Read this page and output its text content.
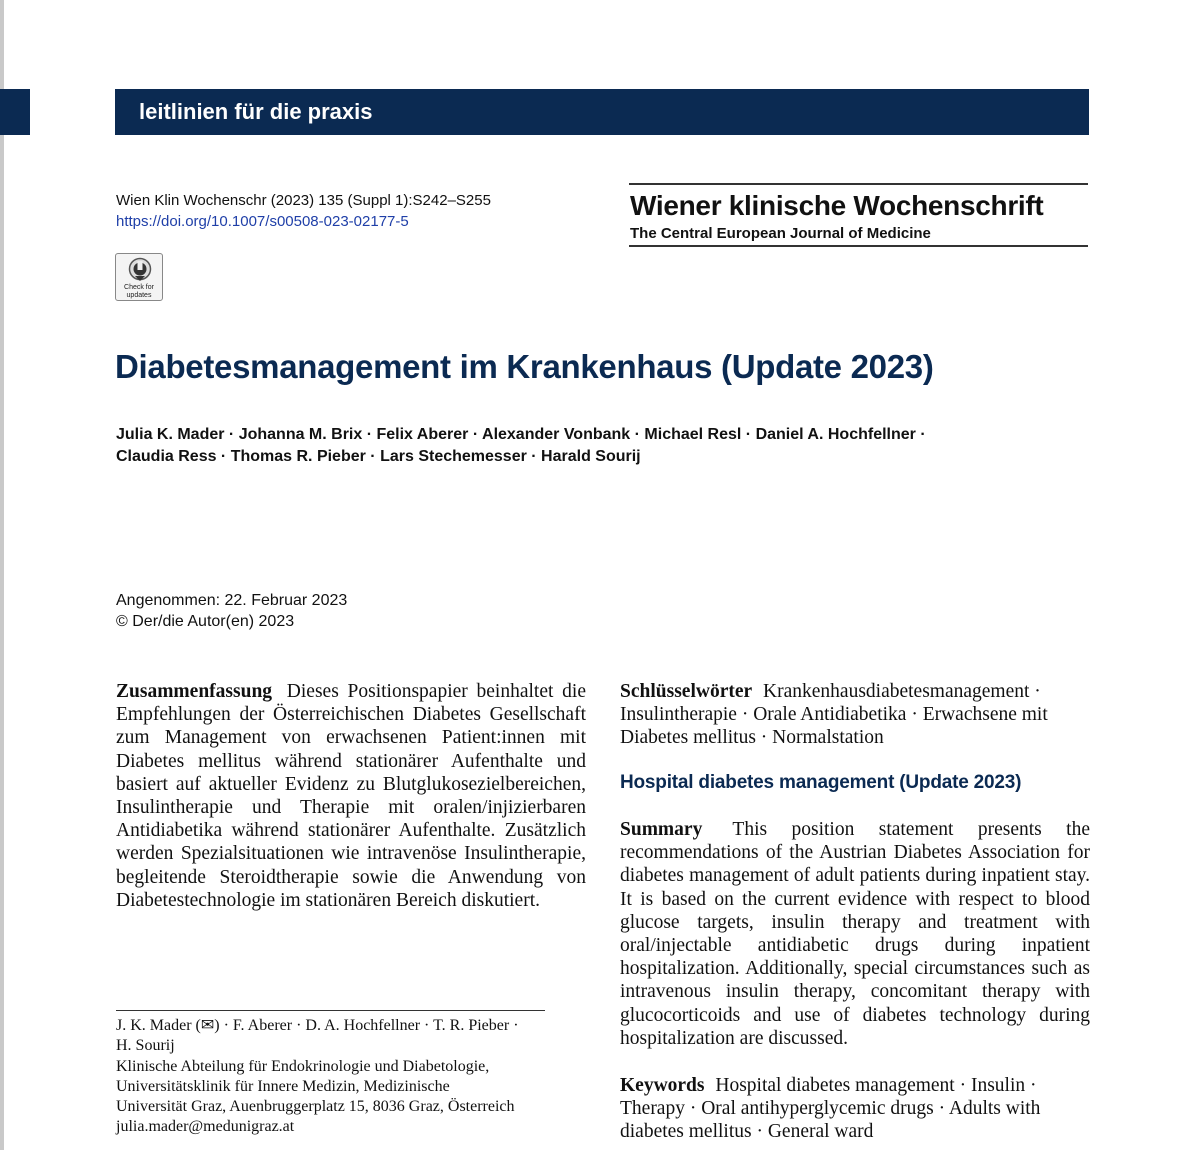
leitlinien für die praxis
Wien Klin Wochenschr (2023) 135 (Suppl 1):S242–S255
https://doi.org/10.1007/s00508-023-02177-5
Check for
updates
Wiener klinische Wochenschrift
The Central European Journal of Medicine
Diabetesmanagement im Krankenhaus (Update 2023)
Julia K. Mader · Johanna M. Brix · Felix Aberer · Alexander Vonbank · Michael Resl · Daniel A. Hochfellner ·
Claudia Ress · Thomas R. Pieber · Lars Stechemesser · Harald Sourij
Angenommen: 22. Februar 2023
© Der/die Autor(en) 2023

Zusammenfassung Dieses Positionspapier beinhaltet die Empfehlungen der Österreichischen Diabetes Gesellschaft zum Management von erwachsenen Patient:innen mit Diabetes mellitus während stationärer Aufenthalte und basiert auf aktueller Evidenz zu Blutglukosezielbereichen, Insulintherapie und Therapie mit oralen/injizierbaren Antidiabetika während stationärer Aufenthalte. Zusätzlich werden Spezialsituationen wie intravenöse Insulintherapie, begleitende Steroidtherapie sowie die Anwendung von Diabetestechnologie im stationären Bereich diskutiert.

Schlüsselwörter Krankenhausdiabetesmanagement · Insulintherapie · Orale Antidiabetika · Erwachsene mit Diabetes mellitus · Normalstation

Hospital diabetes management (Update 2023)

Summary This position statement presents the recommendations of the Austrian Diabetes Association for diabetes management of adult patients during inpatient stay. It is based on the current evidence with respect to blood glucose targets, insulin therapy and treatment with oral/injectable antidiabetic drugs during inpatient hospitalization. Additionally, special circumstances such as intravenous insulin therapy, concomitant therapy with glucocorticoids and use of diabetes technology during hospitalization are discussed.

Keywords Hospital diabetes management · Insulin · Therapy · Oral antihyperglycemic drugs · Adults with diabetes mellitus · General ward

J. K. Mader (✉) · F. Aberer · D. A. Hochfellner · T. R. Pieber ·
H. Sourij
Klinische Abteilung für Endokrinologie und Diabetologie,
Universitätsklinik für Innere Medizin, Medizinische
Universität Graz, Auenbruggerplatz 15, 8036 Graz, Österreich
julia.mader@medunigraz.at
